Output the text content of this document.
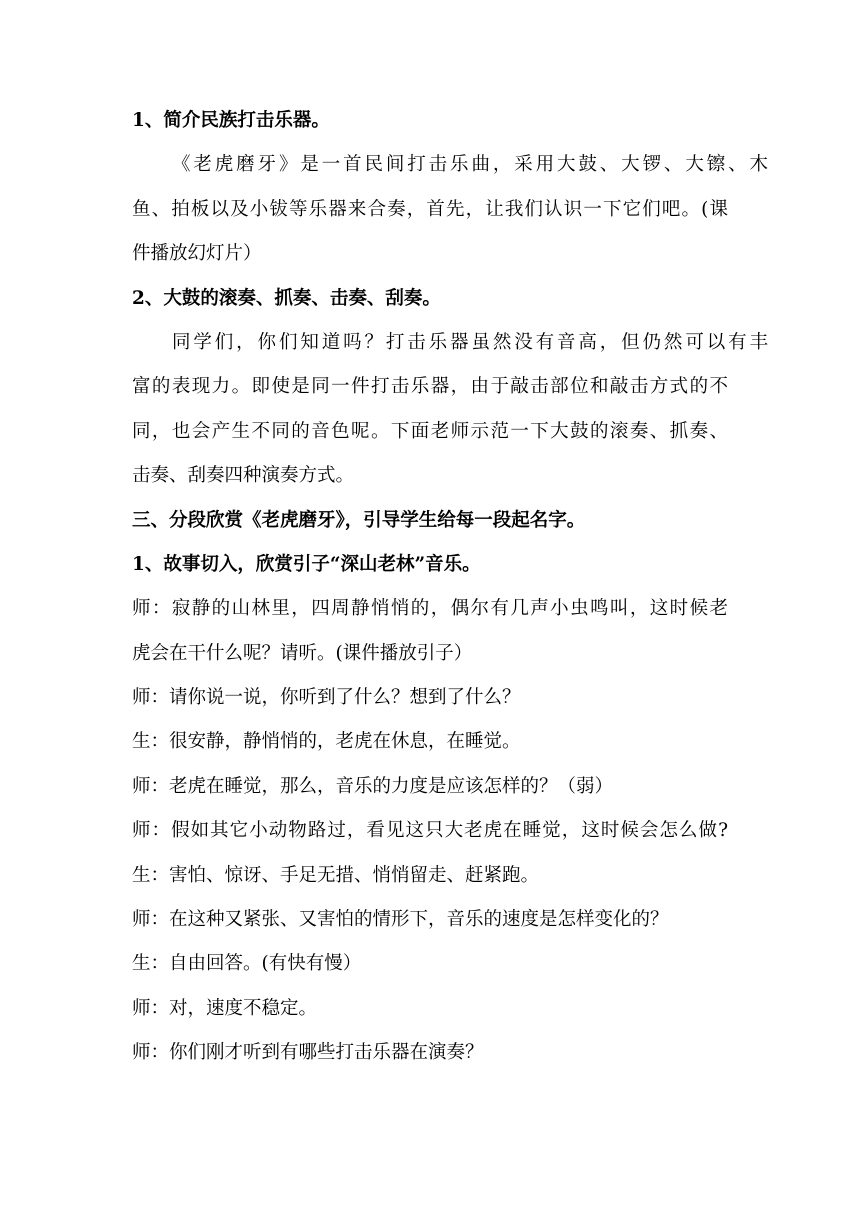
1、简介民族打击乐器。
《老虎磨牙》是一首民间打击乐曲，采用大鼓、大锣、大镲、木
鱼、拍板以及小钹等乐器来合奏，首先，让我们认识一下它们吧。(课
件播放幻灯片）
2、大鼓的滚奏、抓奏、击奏、刮奏。
同学们，你们知道吗？打击乐器虽然没有音高，但仍然可以有丰
富的表现力。即使是同一件打击乐器，由于敲击部位和敲击方式的不
同，也会产生不同的音色呢。下面老师示范一下大鼓的滚奏、抓奏、
击奏、刮奏四种演奏方式。
三、分段欣赏《老虎磨牙》，引导学生给每一段起名字。
1、故事切入，欣赏引子“深山老林”音乐。
师：寂静的山林里，四周静悄悄的，偶尔有几声小虫鸣叫，这时候老
虎会在干什么呢？请听。(课件播放引子）
师：请你说一说，你听到了什么？想到了什么？
生：很安静，静悄悄的，老虎在休息，在睡觉。
师：老虎在睡觉，那么，音乐的力度是应该怎样的？（弱）
师：假如其它小动物路过，看见这只大老虎在睡觉，这时候会怎么做?
生：害怕、惊讶、手足无措、悄悄留走、赶紧跑。
师：在这种又紧张、又害怕的情形下，音乐的速度是怎样变化的？
生：自由回答。(有快有慢）
师：对，速度不稳定。
师：你们刚才听到有哪些打击乐器在演奏？
